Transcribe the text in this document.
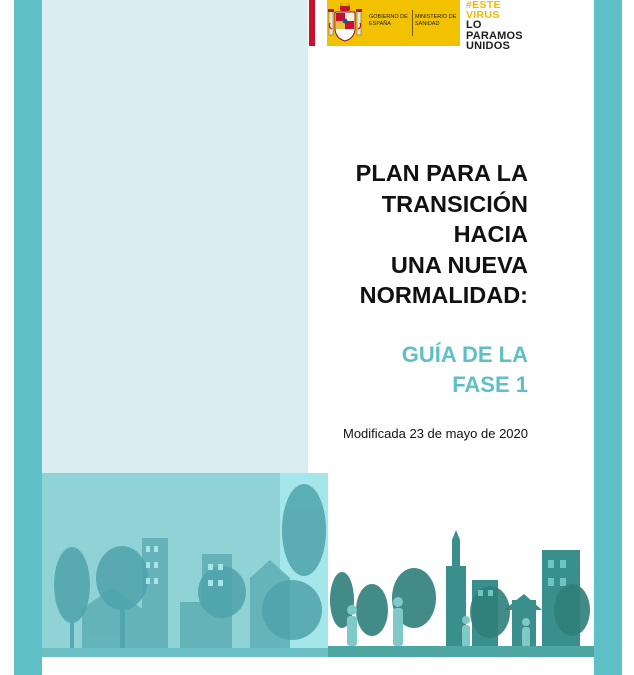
GOBIERNO DE ESPAÑA
MINISTERIO DE SANIDAD
#ESTE
VIRUS
LO
PARAMOS
UNIDOS
PLAN PARA LA
TRANSICIÓN
HACIA
UNA NUEVA
NORMALIDAD:
GUÍA DE LA
FASE 1
Modificada 23 de mayo de 2020
